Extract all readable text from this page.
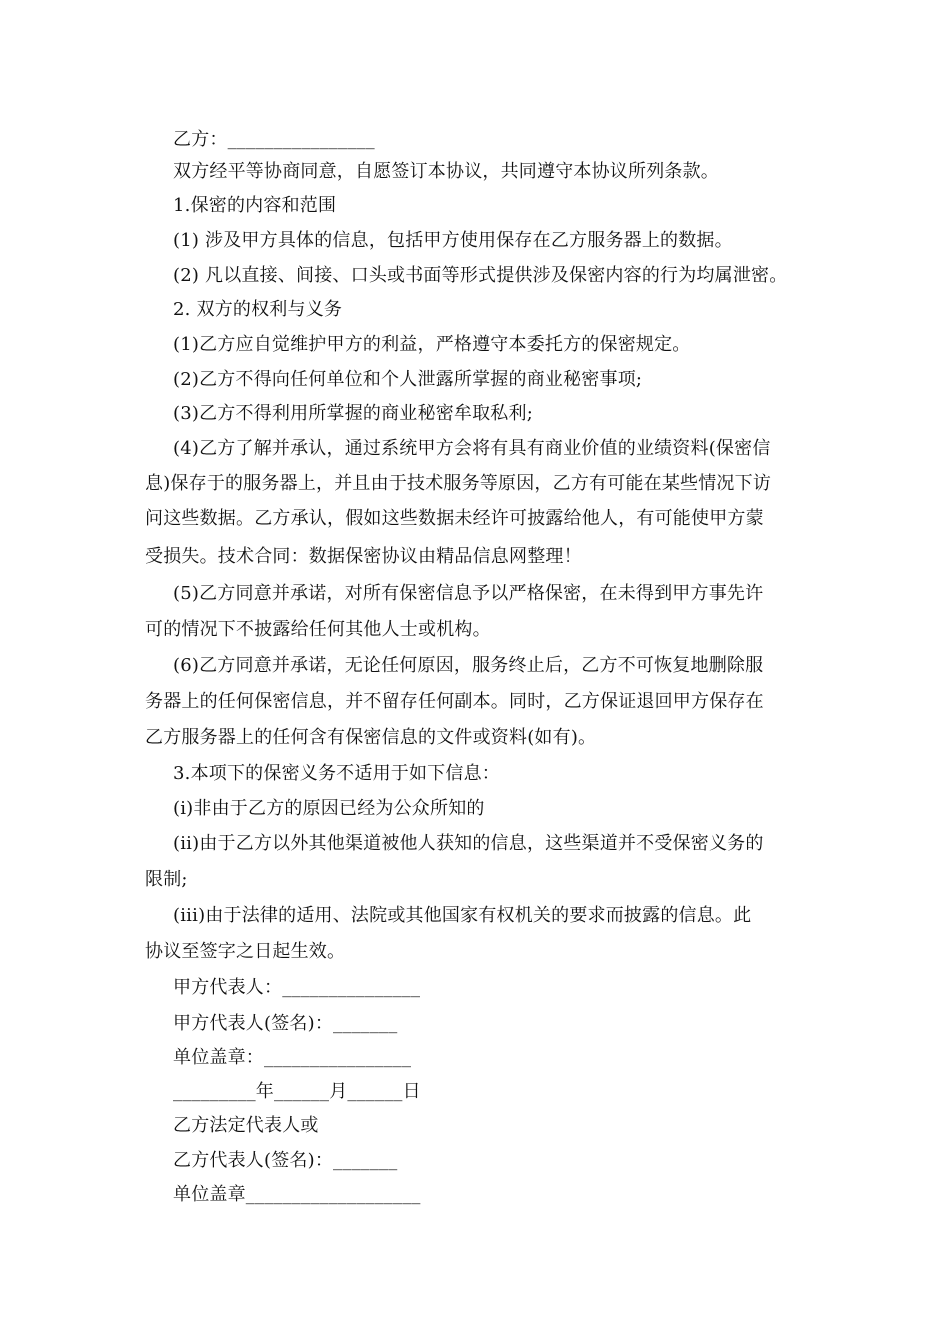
乙方：________________
双方经平等协商同意，自愿签订本协议，共同遵守本协议所列条款。
1.保密的内容和范围
(1) 涉及甲方具体的信息，包括甲方使用保存在乙方服务器上的数据。
(2) 凡以直接、间接、口头或书面等形式提供涉及保密内容的行为均属泄密。
2. 双方的权利与义务
(1)乙方应自觉维护甲方的利益，严格遵守本委托方的保密规定。
(2)乙方不得向任何单位和个人泄露所掌握的商业秘密事项;
(3)乙方不得利用所掌握的商业秘密牟取私利;
(4)乙方了解并承认，通过系统甲方会将有具有商业价值的业绩资料(保密信
息)保存于的服务器上，并且由于技术服务等原因，乙方有可能在某些情况下访
问这些数据。乙方承认，假如这些数据未经许可披露给他人，有可能使甲方蒙
受损失。技术合同：数据保密协议由精品信息网整理！
(5)乙方同意并承诺，对所有保密信息予以严格保密，在未得到甲方事先许
可的情况下不披露给任何其他人士或机构。
(6)乙方同意并承诺，无论任何原因，服务终止后，乙方不可恢复地删除服
务器上的任何保密信息，并不留存任何副本。同时，乙方保证退回甲方保存在
乙方服务器上的任何含有保密信息的文件或资料(如有)。
3.本项下的保密义务不适用于如下信息：
(i)非由于乙方的原因已经为公众所知的
(ii)由于乙方以外其他渠道被他人获知的信息，这些渠道并不受保密义务的
限制;
(iii)由于法律的适用、法院或其他国家有权机关的要求而披露的信息。此
协议至签字之日起生效。
甲方代表人：_______________
甲方代表人(签名)：_______
单位盖章：________________
_________年______月______日
乙方法定代表人或
乙方代表人(签名)：_______
单位盖章___________________
